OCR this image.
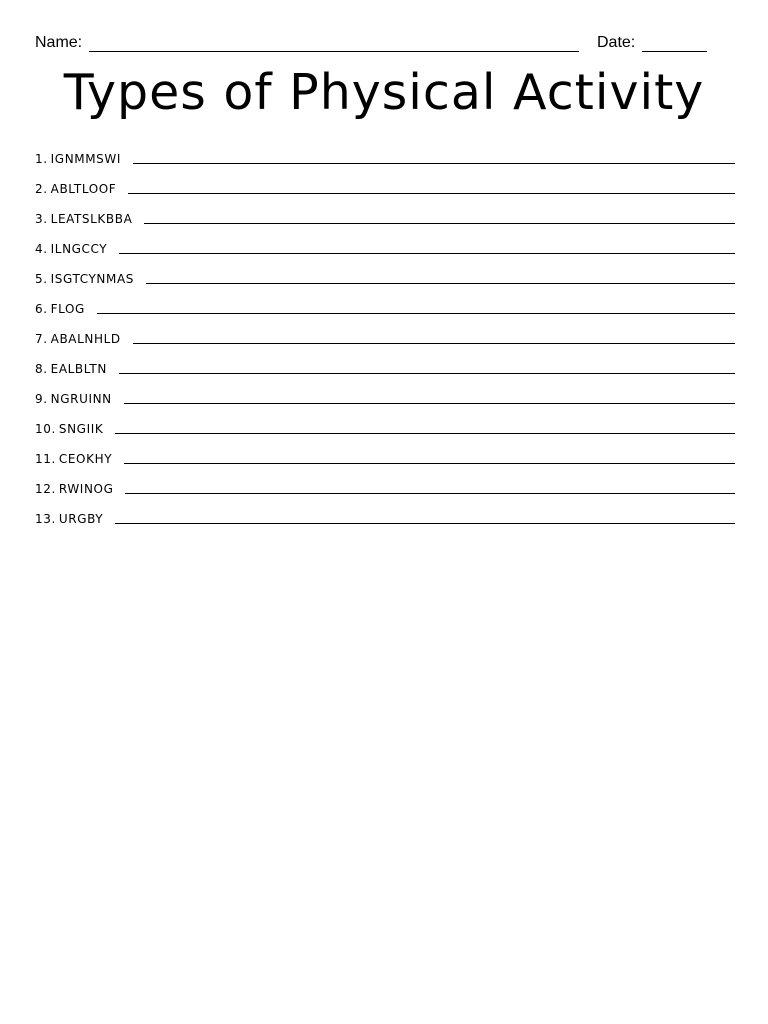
Name:	Date:
Types of Physical Activity
1. IGNMMSWI
2. ABLTLOOF
3. LEATSLKBBA
4. ILNGCCY
5. ISGTCYNMAS
6. FLOG
7. ABALNHLD
8. EALBLTN
9. NGRUINN
10. SNGIIK
11. CEOKHY
12. RWINOG
13. URGBY
